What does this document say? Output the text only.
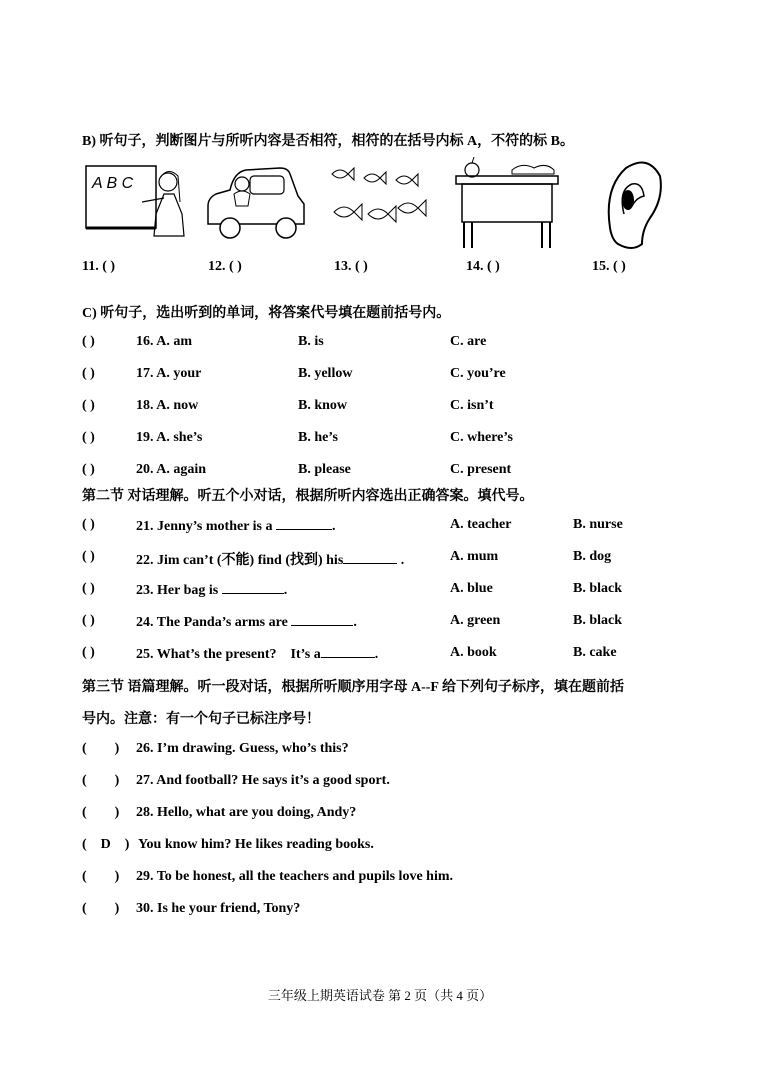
B) 听句子，判断图片与所听内容是否相符，相符的在括号内标 A，不符的标 B。
A B C
11. ( )	12. ( )	13. ( )	14. ( )	15. ( )
C) 听句子，选出听到的单词，将答案代号填在题前括号内。
( )	16. A. am	B. is	C. are
( )	17. A. your	B. yellow	C. you’re
( )	18. A. now	B. know	C. isn’t
( )	19. A. she’s	B. he’s	C. where’s
( )	20. A. again	B. please	C. present
第二节 对话理解。听五个小对话，根据所听内容选出正确答案。填代号。
( )	21. Jenny’s mother is a	.	A. teacher	B. nurse
( )	22. Jim can’t (不能) find (找到) his	.	A. mum	B. dog
( )	23. Her bag is	.	A. blue	B. black
( )	24. The Panda’s arms are	.	A. green	B. black
( )	25. What’s the present?    It’s a	.	A. book	B. cake
第三节 语篇理解。听一段对话，根据所听顺序用字母 A--F 给下列句子标序，填在题前括
号内。注意：有一个句子已标注序号！
(        ) 26. I’m drawing. Guess, who’s this?
(        ) 27. And football? He says it’s a good sport.
(        ) 28. Hello, what are you doing, Andy?
(    D    ) You know him? He likes reading books.
(        ) 29. To be honest, all the teachers and pupils love him.
(        ) 30. Is he your friend, Tony?
三年级上期英语试卷 第 2 页（共 4 页）
